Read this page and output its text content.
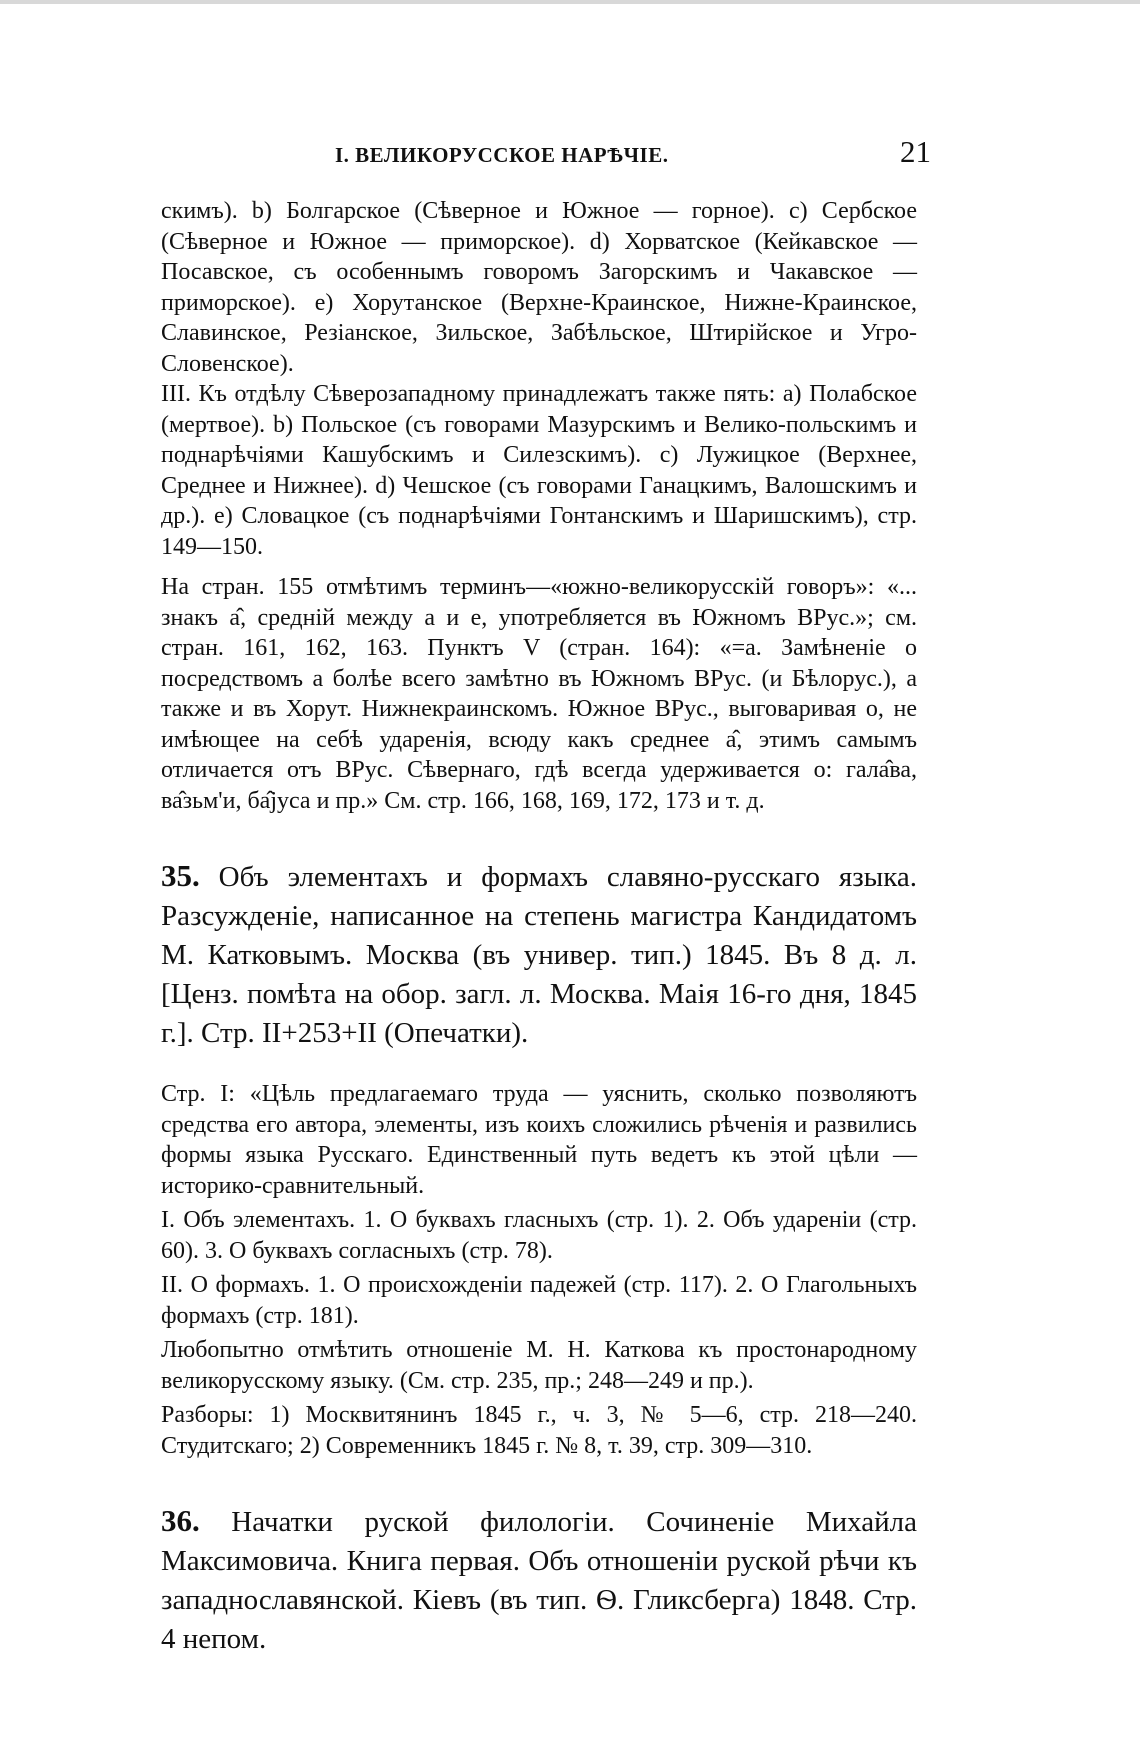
I. ВЕЛИКОРУССКОЕ НАРѢЧІЕ.	21

скимъ). b) Болгарское (Сѣверное и Южное — горное). c) Сербское (Сѣверное и Южное — приморское). d) Хорватское (Кейкавское — Посавское, съ особеннымъ говоромъ Загорскимъ и Чакавское — приморское). e) Хорутанское (Верхне-Краинское, Нижне-Краинское, Славинское, Резіанское, Зильское, Забѣльское, Штирійское и Угро-Словенское).

III. Къ отдѣлу Сѣверозападному принадлежатъ также пять: a) Полабское (мертвое). b) Польское (съ говорами Мазурскимъ и Велико-польскимъ и поднарѣчіями Кашубскимъ и Силезскимъ). c) Лужицкое (Верхнее, Среднее и Нижнее). d) Чешское (съ говорами Ганацкимъ, Валошскимъ и др.). e) Словацкое (съ поднарѣчіями Гонтанскимъ и Шаришскимъ), стр. 149—150.

На стран. 155 отмѣтимъ терминъ—«южно-великорусскій говоръ»: «... знакъ а̂, средній между а и е, употребляется въ Южномъ ВРус.»; см. стран. 161, 162, 163. Пунктъ V (стран. 164): «=а. Замѣненіе о посредствомъ а болѣе всего замѣтно въ Южномъ ВРус. (и Бѣлорус.), а также и въ Хорут. Нижнекраинскомъ. Южное ВРус., выговаривая о, не имѣющее на себѣ ударенія, всюду какъ среднее а̂, этимъ самымъ отличается отъ ВРус. Сѣвернаго, гдѣ всегда удерживается о: гала̂ва, ва̂зьм'и, ба̂јуса и пр.» См. стр. 166, 168, 169, 172, 173 и т. д.

35. Объ элементахъ и формахъ славяно-русскаго языка. Разсужденіе, написанное на степень магистра Кандидатомъ М. Катковымъ. Москва (въ универ. тип.) 1845. Въ 8 д. л. [Ценз. помѣта на обор. загл. л. Москва. Маія 16-го дня, 1845 г.]. Стр. II+253+II (Опечатки).

Стр. I: «Цѣль предлагаемаго труда — уяснить, сколько позволяютъ средства его автора, элементы, изъ коихъ сложились рѣченія и развились формы языка Русскаго. Единственный путь ведетъ къ этой цѣли — историко-сравнительный.

I. Объ элементахъ. 1. О буквахъ гласныхъ (стр. 1). 2. Объ удареніи (стр. 60). 3. О буквахъ согласныхъ (стр. 78).

II. О формахъ. 1. О происхожденіи падежей (стр. 117). 2. О Глагольныхъ формахъ (стр. 181).

Любопытно отмѣтить отношеніе М. Н. Каткова къ простонародному великорусскому языку. (См. стр. 235, пр.; 248—249 и пр.).

Разборы: 1) Москвитянинъ 1845 г., ч. 3, № 5—6, стр. 218—240. Студитскаго; 2) Современникъ 1845 г. № 8, т. 39, стр. 309—310.

36. Начатки руской филологіи. Сочиненіе Михайла Максимовича. Книга первая. Объ отношеніи руской рѣчи къ западнославянской. Кіевъ (въ тип. Ѳ. Гликсберга) 1848. Стр. 4 непом.
